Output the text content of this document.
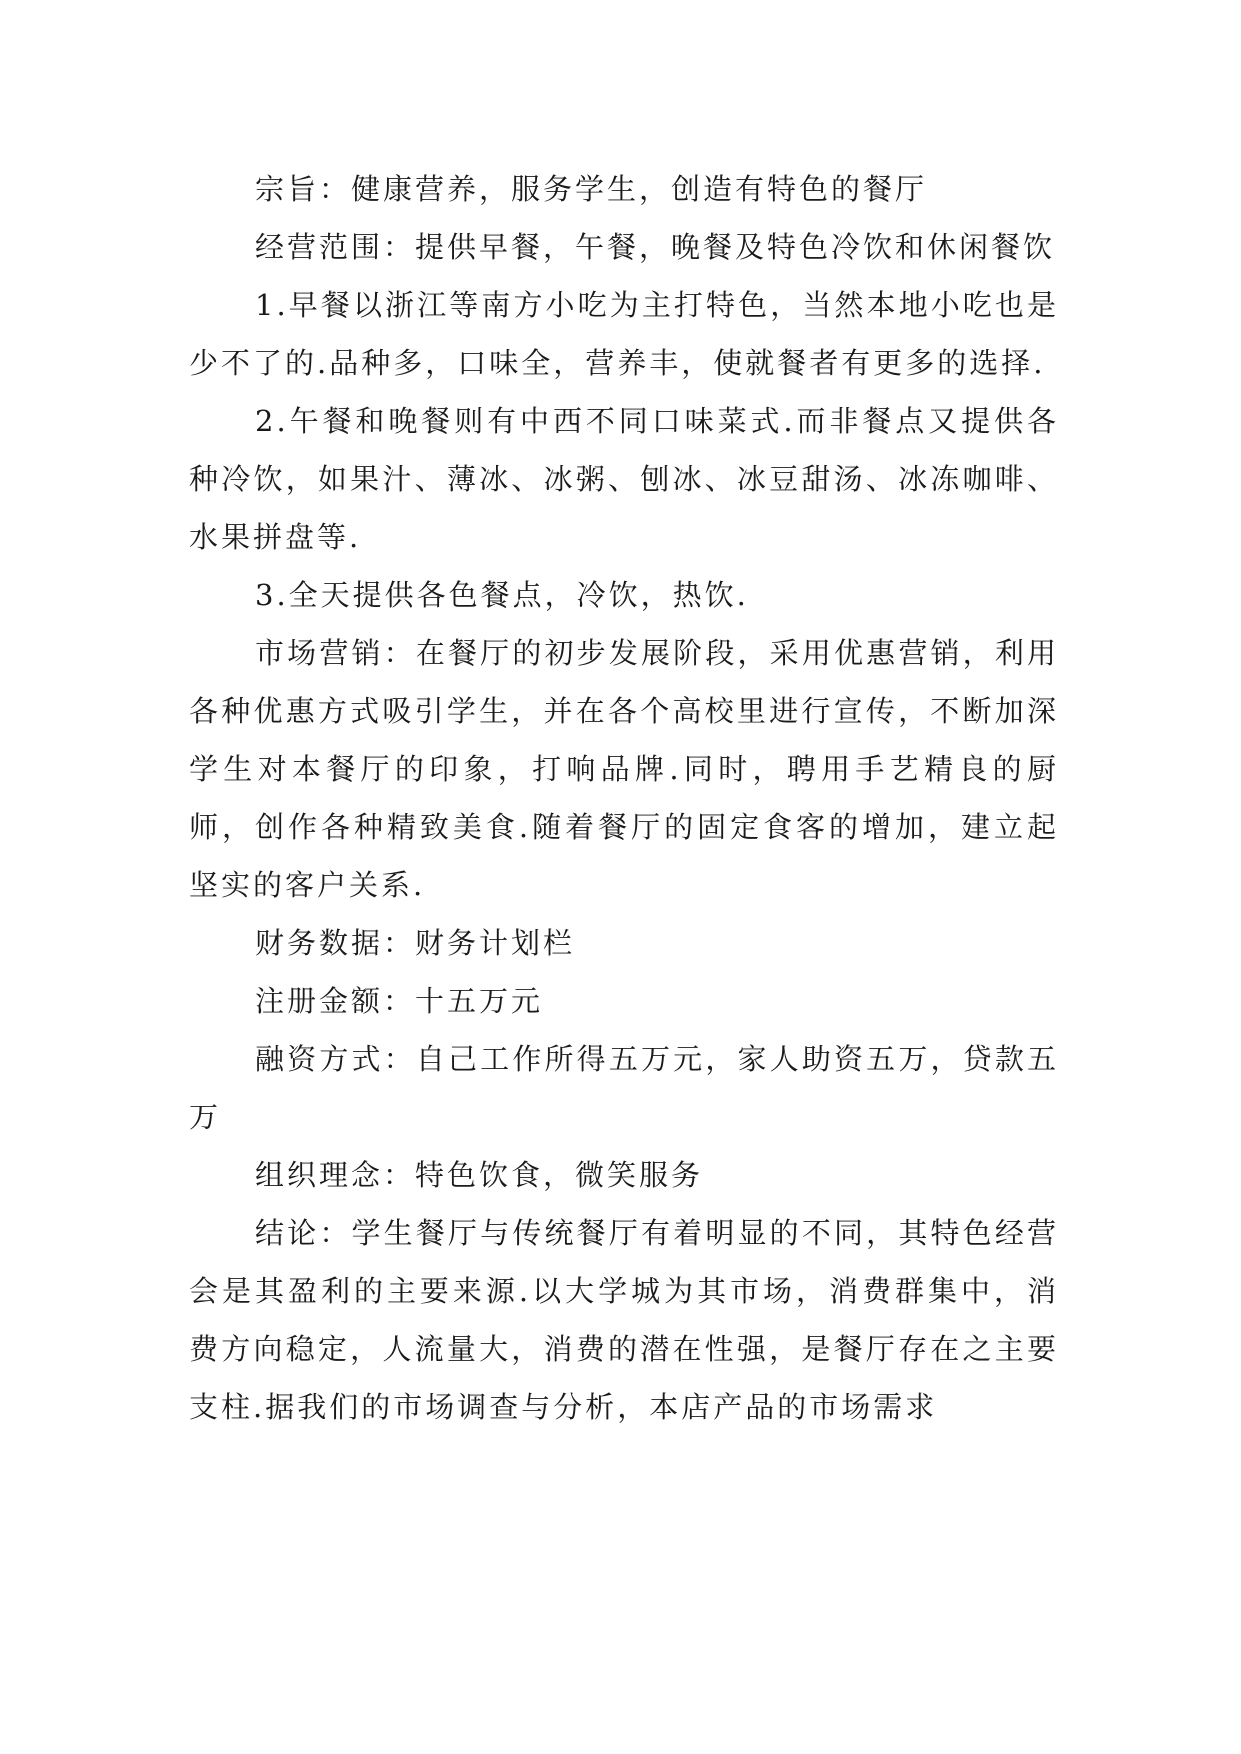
宗旨：健康营养，服务学生，创造有特色的餐厅

经营范围：提供早餐，午餐，晚餐及特色冷饮和休闲餐饮

1.早餐以浙江等南方小吃为主打特色，当然本地小吃也是少不了的.品种多，口味全，营养丰，使就餐者有更多的选择.

2.午餐和晚餐则有中西不同口味菜式.而非餐点又提供各种冷饮，如果汁、薄冰、冰粥、刨冰、冰豆甜汤、冰冻咖啡、水果拼盘等.

3.全天提供各色餐点，冷饮，热饮.

市场营销：在餐厅的初步发展阶段，采用优惠营销，利用各种优惠方式吸引学生，并在各个高校里进行宣传，不断加深学生对本餐厅的印象，打响品牌.同时，聘用手艺精良的厨师，创作各种精致美食.随着餐厅的固定食客的增加，建立起坚实的客户关系.

财务数据：财务计划栏

注册金额：十五万元

融资方式：自己工作所得五万元，家人助资五万，贷款五万

组织理念：特色饮食，微笑服务

结论：学生餐厅与传统餐厅有着明显的不同，其特色经营会是其盈利的主要来源.以大学城为其市场，消费群集中，消费方向稳定，人流量大，消费的潜在性强，是餐厅存在之主要支柱.据我们的市场调查与分析，本店产品的市场需求
